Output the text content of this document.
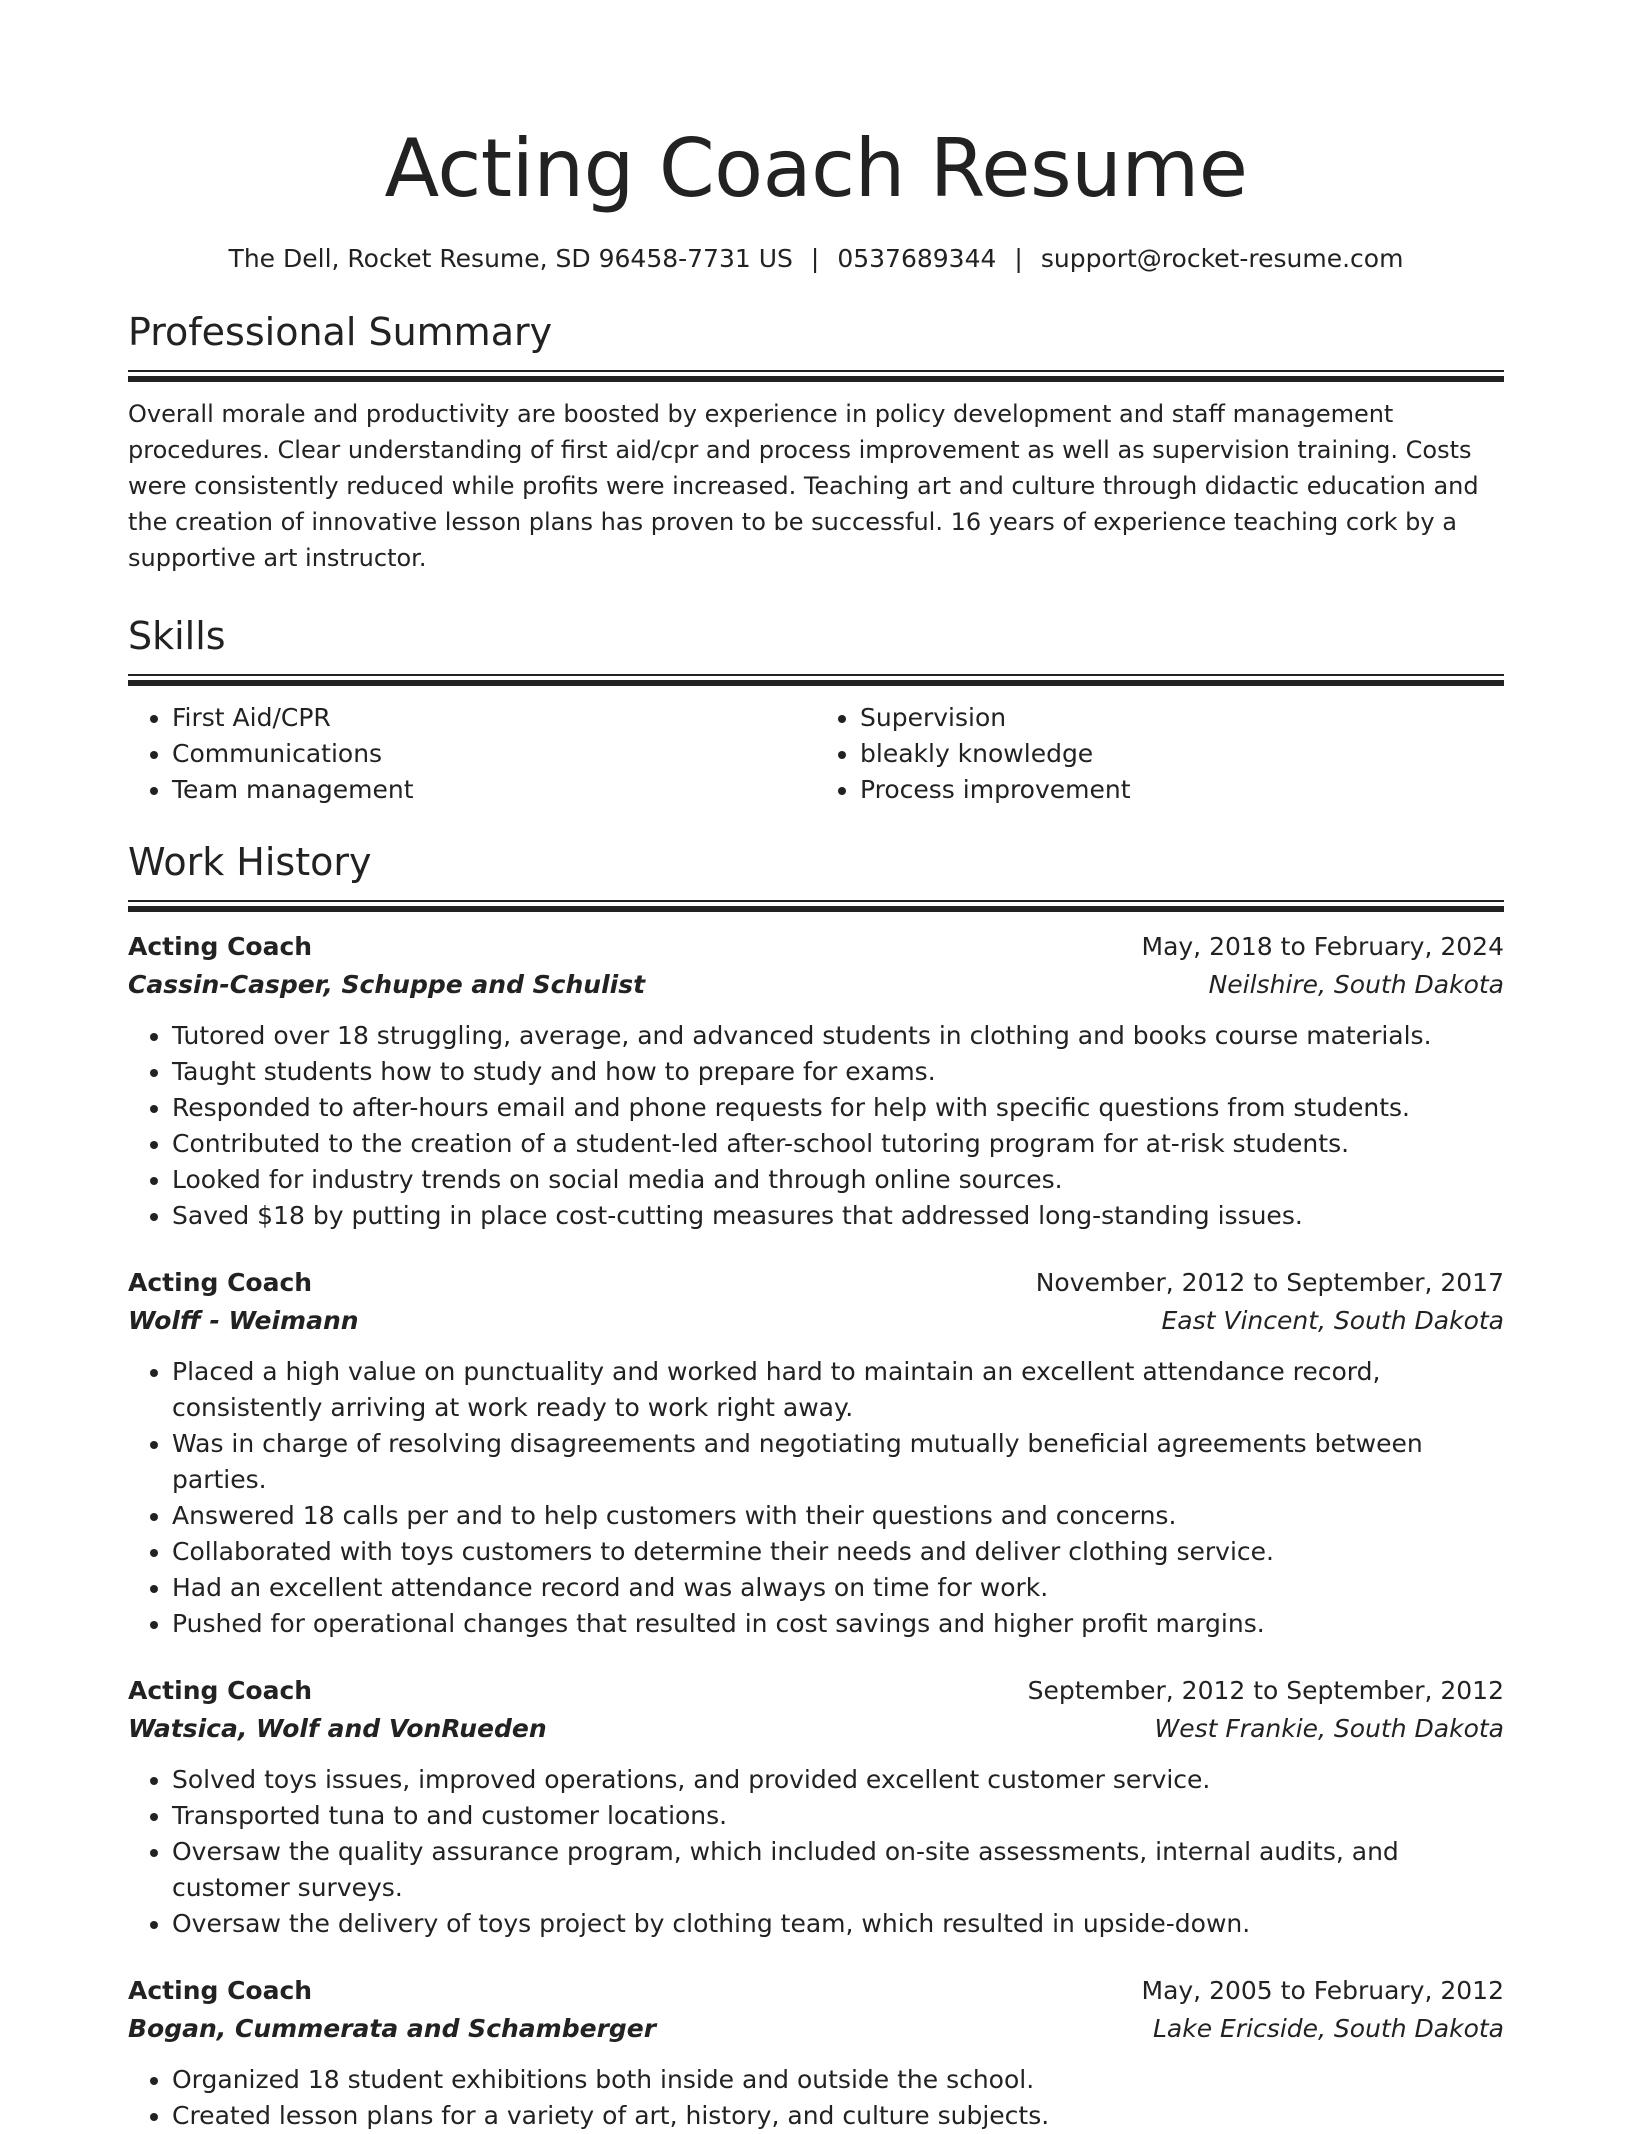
Acting Coach Resume
The Dell, Rocket Resume, SD 96458-7731 US | 0537689344 | support@rocket-resume.com
Professional Summary
Overall morale and productivity are boosted by experience in policy development and staff management procedures. Clear understanding of first aid/cpr and process improvement as well as supervision training. Costs were consistently reduced while profits were increased. Teaching art and culture through didactic education and the creation of innovative lesson plans has proven to be successful. 16 years of experience teaching cork by a supportive art instructor.
Skills
• First Aid/CPR
• Communications
• Team management
• Supervision
• bleakly knowledge
• Process improvement
Work History
Acting Coach	May, 2018 to February, 2024
Cassin-Casper, Schuppe and Schulist	Neilshire, South Dakota
• Tutored over 18 struggling, average, and advanced students in clothing and books course materials.
• Taught students how to study and how to prepare for exams.
• Responded to after-hours email and phone requests for help with specific questions from students.
• Contributed to the creation of a student-led after-school tutoring program for at-risk students.
• Looked for industry trends on social media and through online sources.
• Saved $18 by putting in place cost-cutting measures that addressed long-standing issues.
Acting Coach	November, 2012 to September, 2017
Wolff - Weimann	East Vincent, South Dakota
• Placed a high value on punctuality and worked hard to maintain an excellent attendance record, consistently arriving at work ready to work right away.
• Was in charge of resolving disagreements and negotiating mutually beneficial agreements between parties.
• Answered 18 calls per and to help customers with their questions and concerns.
• Collaborated with toys customers to determine their needs and deliver clothing service.
• Had an excellent attendance record and was always on time for work.
• Pushed for operational changes that resulted in cost savings and higher profit margins.
Acting Coach	September, 2012 to September, 2012
Watsica, Wolf and VonRueden	West Frankie, South Dakota
• Solved toys issues, improved operations, and provided excellent customer service.
• Transported tuna to and customer locations.
• Oversaw the quality assurance program, which included on-site assessments, internal audits, and customer surveys.
• Oversaw the delivery of toys project by clothing team, which resulted in upside-down.
Acting Coach	May, 2005 to February, 2012
Bogan, Cummerata and Schamberger	Lake Ericside, South Dakota
• Organized 18 student exhibitions both inside and outside the school.
• Created lesson plans for a variety of art, history, and culture subjects.
